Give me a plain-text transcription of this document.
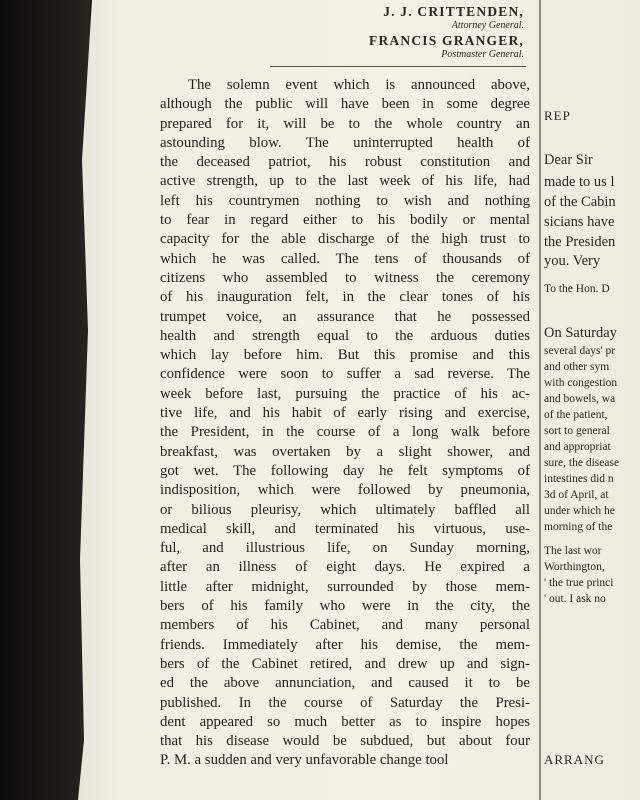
J. J. CRITTENDEN,
Attorney General.
FRANCIS GRANGER,
Postmaster General.
The solemn event which is announced above,
although the public will have been in some degree
prepared for it, will be to the whole country an
astounding blow. The uninterrupted health of
the deceased patriot, his robust constitution and
active strength, up to the last week of his life, had
left his countrymen nothing to wish and nothing
to fear in regard either to his bodily or mental
capacity for the able discharge of the high trust to
which he was called. The tens of thousands of
citizens who assembled to witness the ceremony
of his inauguration felt, in the clear tones of his
trumpet voice, an assurance that he possessed
health and strength equal to the arduous duties
which lay before him. But this promise and this
confidence were soon to suffer a sad reverse. The
week before last, pursuing the practice of his ac-
tive life, and his habit of early rising and exercise,
the President, in the course of a long walk before
breakfast, was overtaken by a slight shower, and
got wet. The following day he felt symptoms of
indisposition, which were followed by pneumonia,
or bilious pleurisy, which ultimately baffled all
medical skill, and terminated his virtuous, use-
ful, and illustrious life, on Sunday morning,
after an illness of eight days. He expired a
little after midnight, surrounded by those mem-
bers of his family who were in the city, the
members of his Cabinet, and many personal
friends. Immediately after his demise, the mem-
bers of the Cabinet retired, and drew up and sign-
ed the above annunciation, and caused it to be
published. In the course of Saturday the Presi-
dent appeared so much better as to inspire hopes
that his disease would be subdued, but about four
P. M. a sudden and very unfavorable change tool
REP
Dear Sir
made to us l
of the Cabin
sicians have
the Presiden
you. Very
To the Hon. D
On Saturday
several days' pr
and other sym
with congestion
and bowels, wa
of the patient,
sort to general
and appropriat
sure, the disease
intestines did n
3d of April, at
under which he
morning of the
The last wor
Worthington,
' the true princi
' out. I ask no
ARRANG
